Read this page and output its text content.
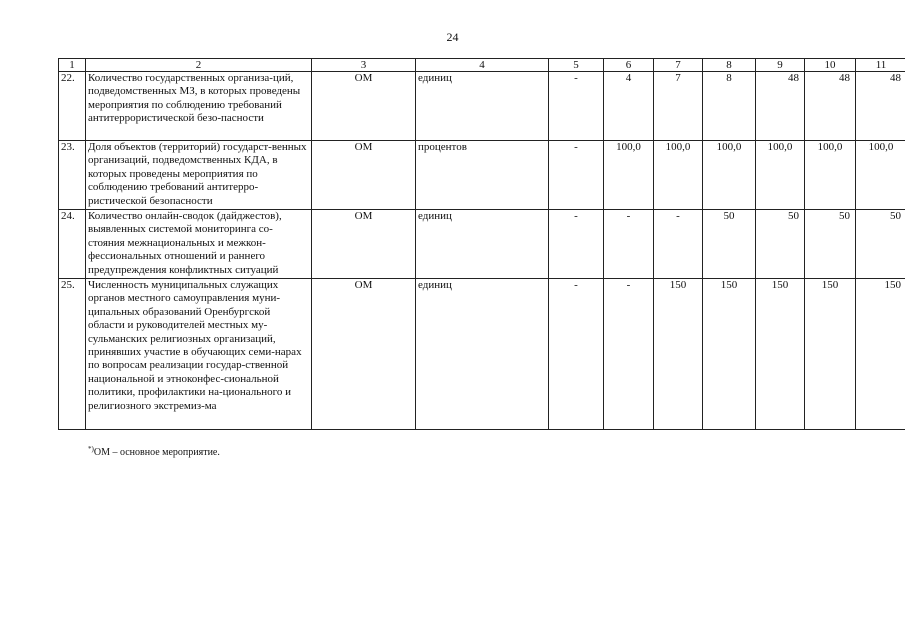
24
1	2	3	4	5	6	7	8	9	10	11
22.	Количество государственных организа-ций, подведомственных МЗ, в которых проведены мероприятия по соблюдению требований антитеррористической безо-пасности	ОМ	единиц	-	4	7	8	48	48	48
23.	Доля объектов (территорий) государст-венных организаций, подведомственных КДА, в которых проведены мероприятия по соблюдению требований антитерро-ристической безопасности	ОМ	процентов	-	100,0	100,0	100,0	100,0	100,0	100,0
24.	Количество онлайн-сводок (дайджестов), выявленных системой мониторинга со-стояния межнациональных и межкон-фессиональных отношений и раннего предупреждения конфликтных ситуаций	ОМ	единиц	-	-	-	50	50	50	50
25.	Численность муниципальных служащих органов местного самоуправления муни-ципальных образований Оренбургской области и руководителей местных му-сульманских религиозных организаций, принявших участие в обучающих семи-нарах по вопросам реализации государ-ственной национальной и этноконфес-сиональной политики, профилактики на-ционального и религиозного экстремиз-ма	ОМ	единиц	-	-	150	150	150	150	150
*)ОМ – основное мероприятие.
